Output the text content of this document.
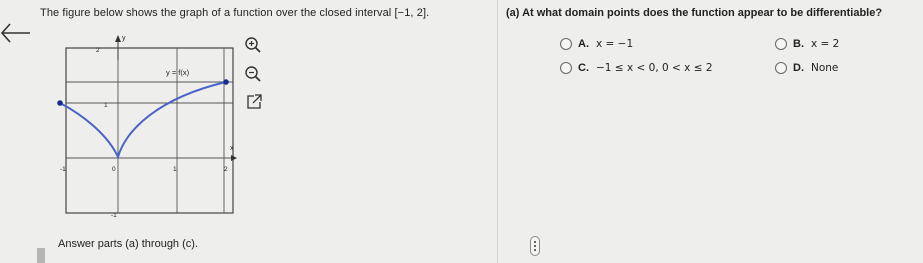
The figure below shows the graph of a function over the closed interval [−1, 2].	(a) At what domain points does the function appear to be differentiable?
y
x
y = f(x)
2
1
-1
-1	0	1	2
A. x = −1	B. x = 2
C. −1 ≤ x < 0, 0 < x ≤ 2	D. None
Answer parts (a) through (c).
